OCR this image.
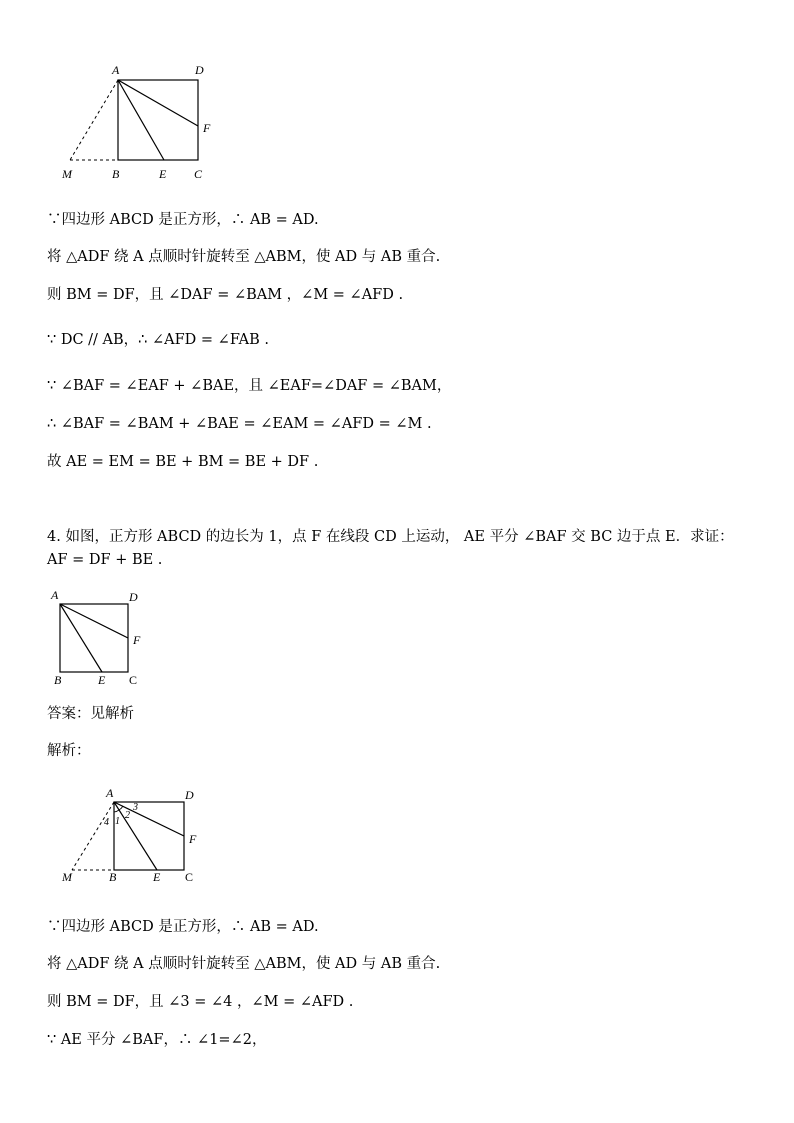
A	D
F
M	B	E C
∵四边形 ABCD 是正方形，∴ AB = AD.
将 △ADF 绕 A 点顺时针旋转至 △ABM，使 AD 与 AB 重合.
则 BM = DF，且 ∠DAF = ∠BAM ，∠M = ∠AFD .
∵ DC // AB，∴ ∠AFD = ∠FAB .
∵ ∠BAF = ∠EAF + ∠BAE，且 ∠EAF=∠DAF = ∠BAM，
∴ ∠BAF = ∠BAM + ∠BAE = ∠EAM = ∠AFD = ∠M .
故 AE = EM = BE + BM = BE + DF .
4. 如图，正方形 ABCD 的边长为 1，点 F 在线段 CD 上运动， AE 平分 ∠BAF 交 BC 边于点 E．求证：
AF = DF + BE .
A	D
F
B	E C
答案：见解析
解析：
A	D
F
M	B	E C
1
2
3
4
∵四边形 ABCD 是正方形，∴ AB = AD.
将 △ADF 绕 A 点顺时针旋转至 △ABM，使 AD 与 AB 重合.
则 BM = DF，且 ∠3 = ∠4 ，∠M = ∠AFD .
∵ AE 平分 ∠BAF，∴ ∠1=∠2，
